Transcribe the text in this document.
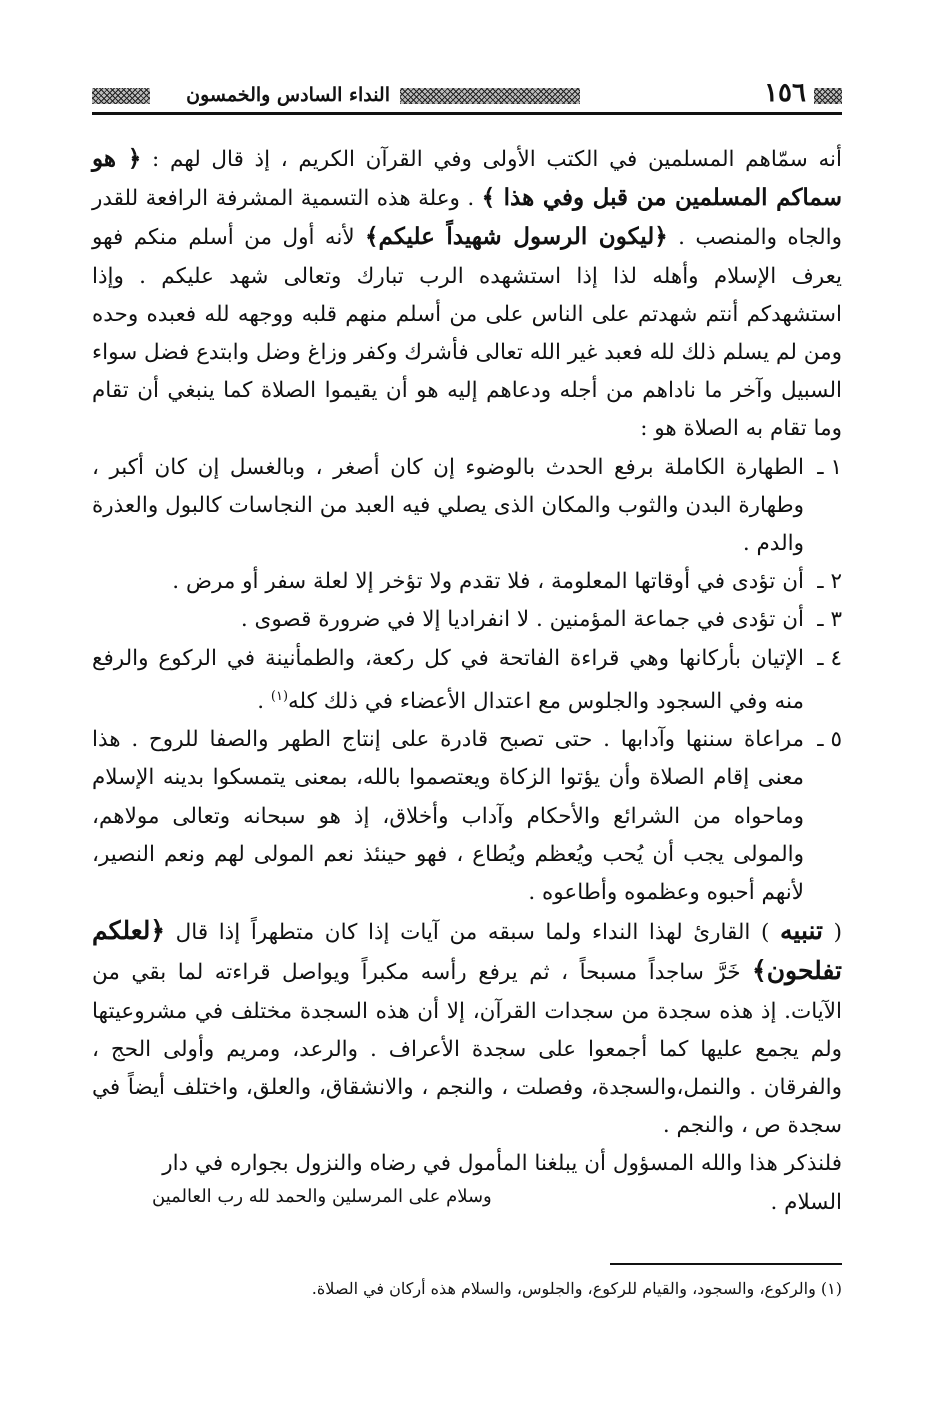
١٥٦
النداء السادس والخمسون

أنه سمّاهم المسلمين في الكتب الأولى وفي القرآن الكريم ، إذ قال لهم : ﴿ هو سماكم المسلمين من قبل وفي هذا ﴾ . وعلة هذه التسمية المشرفة الرافعة للقدر والجاه والمنصب . ﴿ليكون الرسول شهيداً عليكم﴾ لأنه أول من أسلم منكم فهو يعرف الإسلام وأهله لذا إذا استشهده الرب تبارك وتعالى شهد عليكم . وإذا استشهدكم أنتم شهدتم على الناس على من أسلم منهم قلبه ووجهه لله فعبده وحده ومن لم يسلم ذلك لله فعبد غير الله تعالى فأشرك وكفر وزاغ وضل وابتدع فضل سواء السبيل وآخر ما ناداهم من أجله ودعاهم إليه هو أن يقيموا الصلاة كما ينبغي أن تقام وما تقام به الصلاة هو :

١ ـ
الطهارة الكاملة برفع الحدث بالوضوء إن كان أصغر ، وبالغسل إن كان أكبر ، وطهارة البدن والثوب والمكان الذى يصلي فيه العبد من النجاسات كالبول والعذرة والدم .
٢ ـ
أن تؤدى في أوقاتها المعلومة ، فلا تقدم ولا تؤخر إلا لعلة سفر أو مرض .
٣ ـ
أن تؤدى في جماعة المؤمنين . لا انفراديا إلا في ضرورة قصوى .
٤ ـ
الإتيان بأركانها وهي قراءة الفاتحة في كل ركعة، والطمأنينة في الركوع والرفع منه وفي السجود والجلوس مع اعتدال الأعضاء في ذلك كله$^{(١)}$ .
٥ ـ
مراعاة سننها وآدابها . حتى تصبح قادرة على إنتاج الطهر والصفا للروح . هذا معنى إقام الصلاة وأن يؤتوا الزكاة ويعتصموا بالله، بمعنى يتمسكوا بدينه الإسلام وماحواه من الشرائع والأحكام وآداب وأخلاق، إذ هو سبحانه وتعالى مولاهم، والمولى يجب أن يُحب ويُعظم ويُطاع ، فهو حينئذ نعم المولى لهم ونعم النصير، لأنهم أحبوه وعظموه وأطاعوه .

( تنبيه ) القارئ لهذا النداء ولما سبقه من آيات إذا كان متطهراً إذا قال ﴿لعلكم تفلحون﴾ خَرَّ ساجداً مسبحاً ، ثم يرفع رأسه مكبراً ويواصل قراءته لما بقي من الآيات. إذ هذه سجدة من سجدات القرآن، إلا أن هذه السجدة مختلف في مشروعيتها ولم يجمع عليها كما أجمعوا على سجدة الأعراف . والرعد، ومريم وأولى الحج ، والفرقان . والنمل،والسجدة، وفصلت ، والنجم ، والانشقاق، والعلق، واختلف أيضاً في سجدة ص ، والنجم .

فلنذكر هذا والله المسؤول أن يبلغنا المأمول في رضاه والنزول بجواره في دار

السلام .
وسلام على المرسلين والحمد لله رب العالمين
(١) والركوع، والسجود، والقيام للركوع، والجلوس، والسلام هذه أركان في الصلاة.
